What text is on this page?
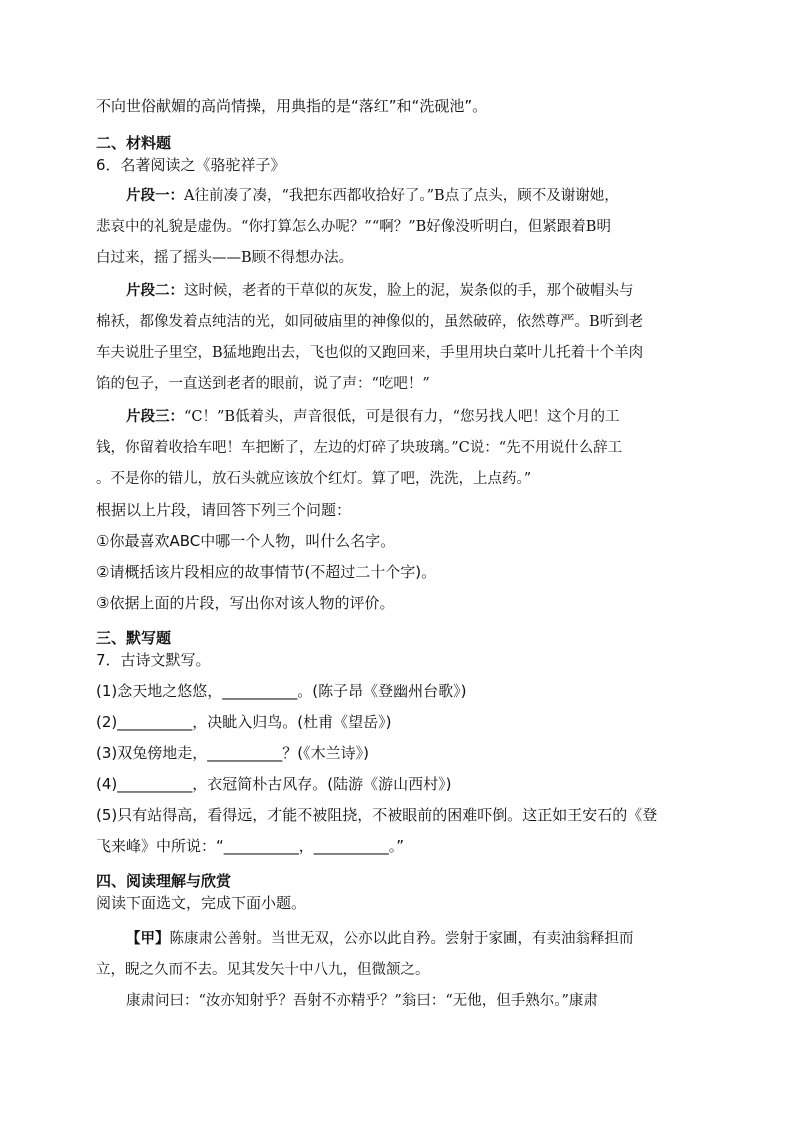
不向世俗献媚的高尚情操，用典指的是“落红”和“洗砚池”。
二、材料题
6．名著阅读之《骆驼祥子》
片段一：A往前凑了凑，“我把东西都收拾好了。”B点了点头，顾不及谢谢她，
悲哀中的礼貌是虚伪。“你打算怎么办呢？”“啊？”B好像没听明白，但紧跟着B明
白过来，摇了摇头——B顾不得想办法。
片段二：这时候，老者的干草似的灰发，脸上的泥，炭条似的手，那个破帽头与
棉袄，都像发着点纯洁的光，如同破庙里的神像似的，虽然破碎，依然尊严。B听到老
车夫说肚子里空，B猛地跑出去，飞也似的又跑回来，手里用块白菜叶儿托着十个羊肉
馅的包子，一直送到老者的眼前，说了声：“吃吧！”
片段三：“C！”B低着头，声音很低，可是很有力，“您另找人吧！这个月的工
钱，你留着收拾车吧！车把断了，左边的灯碎了块玻璃。”C说：“先不用说什么辞工
。不是你的错儿，放石头就应该放个红灯。算了吧，洗洗，上点药。”
根据以上片段，请回答下列三个问题：
①你最喜欢ABC中哪一个人物，叫什么名字。
②请概括该片段相应的故事情节(不超过二十个字)。
③依据上面的片段，写出你对该人物的评价。
三、默写题
7．古诗文默写。
(1)念天地之悠悠，__________。(陈子昂《登幽州台歌》)
(2)__________，决眦入归鸟。(杜甫《望岳》)
(3)双兔傍地走，__________？(《木兰诗》)
(4)__________，衣冠简朴古风存。(陆游《游山西村》)
(5)只有站得高，看得远，才能不被阻挠，不被眼前的困难吓倒。这正如王安石的《登
飞来峰》中所说：“__________，__________。”
四、阅读理解与欣赏
阅读下面选文，完成下面小题。
【甲】陈康肃公善射。当世无双，公亦以此自矜。尝射于家圃，有卖油翁释担而
立，睨之久而不去。见其发矢十中八九，但微颔之。
康肃问曰：“汝亦知射乎？吾射不亦精乎？”翁曰：“无他，但手熟尔。”康肃
